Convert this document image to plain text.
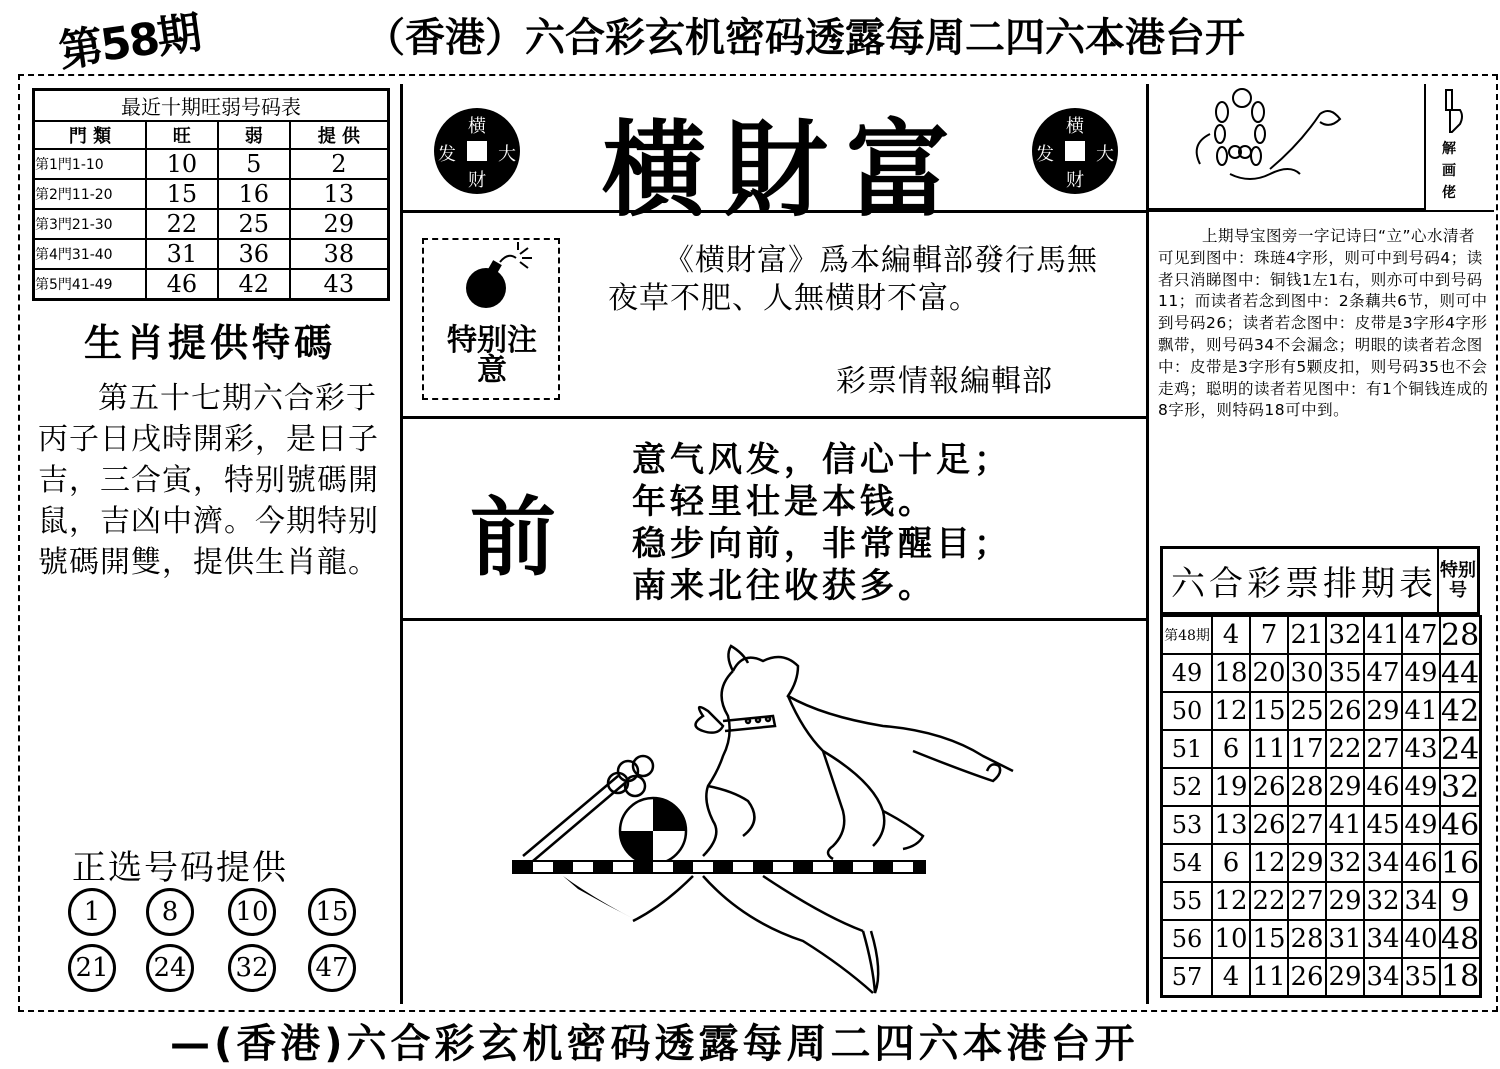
第58期	（香港）六合彩玄机密码透露每周二四六本港台开
最近十期旺弱号码表			
門 類	旺	弱	提 供
第1門1-10	10	5	2
第2門11-20	15	16	13
第3門21-30	22	25	29
第4門31-40	31	36	38
第5門41-49	46	42	43
生肖提供特碼
第五十七期六合彩于丙子日戌時開彩，是日子吉，三合寅，特别號碼開鼠，吉凶中濟。今期特别號碼開雙，提供生肖龍。
正选号码提供
1	8	10 15
21 24 32 47
横
发 大
财	横財富	横
发 大
财
特别注意
《横財富》爲本編輯部發行馬無夜草不肥、人無横財不富。
彩票情報編輯部
前
意气风发，信心十足；
年轻里壮是本钱。
稳步向前，非常醒目；
南来北往收获多。
解画佬
上期导宝图旁一字记诗曰“立”心水清者可见到图中：珠琏4字形，则可中到号码4；读者只消睇图中：铜钱1左1右，则亦可中到号码11；而读者若念到图中：2条藕共6节，则可中到号码26；读者若念图中：皮带是3字形4字形飘带，则号码34不会漏念；明眼的读者若念图中：皮带是3字形有5颗皮扣，则号码35也不会走鸡；聪明的读者若见图中：有1个铜钱连成的8字形，则特码18可中到。
六合彩票排期表	特别号
第48期	4	7	21	32	41	47	28
49	18	20	30	35	47	49	44
50	12	15	25	26	29	41	42
51	6	11	17	22	27	43	24
52	19	26	28	29	46	49	32
53	13	26	27	41	45	49	46
54	6	12	29	32	34	46	16
55	12	22	27	29	32	34	9
56	10	15	28	31	34	40	48
57	4	11	26	29	34	35	18
—(香港)六合彩玄机密码透露每周二四六本港台开
